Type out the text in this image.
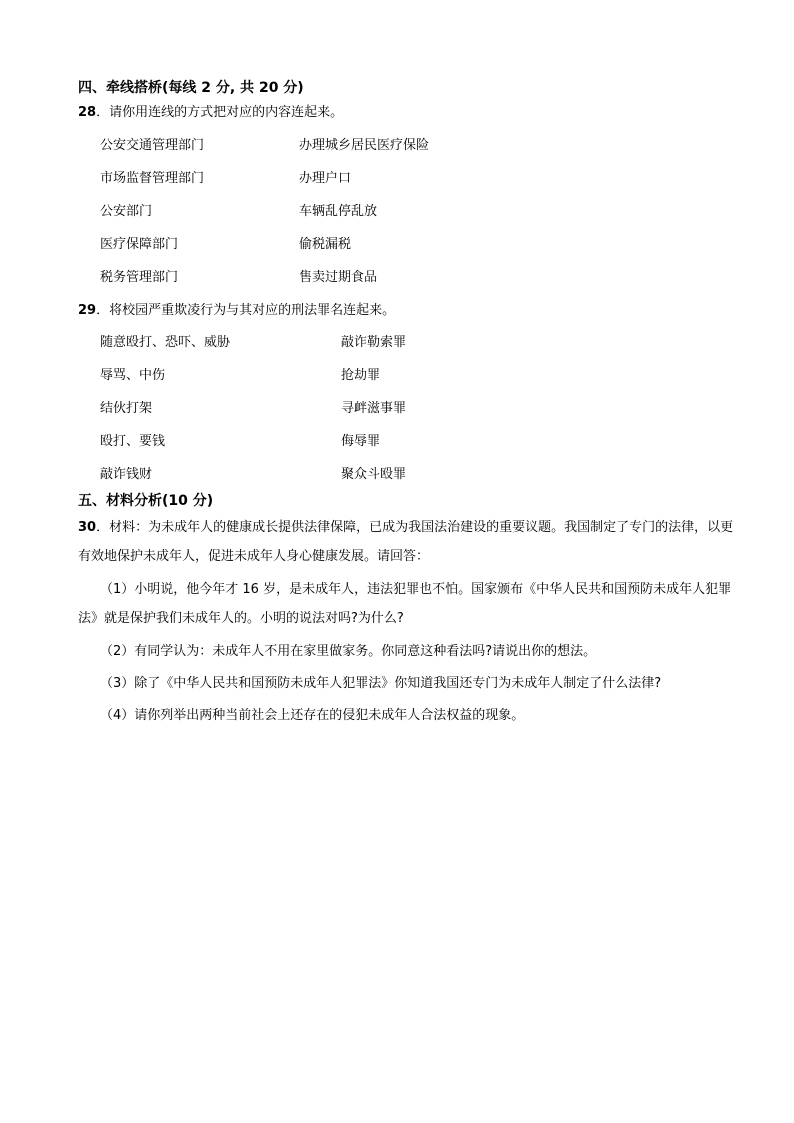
四、牵线搭桥(每线 2 分, 共 20 分)
28．请你用连线的方式把对应的内容连起来。
公安交通管理部门	办理城乡居民医疗保险
市场监督管理部门	办理户口
公安部门	车辆乱停乱放
医疗保障部门	偷税漏税
税务管理部门	售卖过期食品
29．将校园严重欺凌行为与其对应的刑法罪名连起来。
随意殴打、恐吓、威胁	敲诈勒索罪
辱骂、中伤	抢劫罪
结伙打架	寻衅滋事罪
殴打、要钱	侮辱罪
敲诈钱财	聚众斗殴罪
五、材料分析(10 分)
30．材料：为未成年人的健康成长提供法律保障，已成为我国法治建设的重要议题。我国制定了专门的法律，以更有效地保护未成年人，促进未成年人身心健康发展。请回答：
（1）小明说，他今年才 16 岁，是未成年人，违法犯罪也不怕。国家颁布《中华人民共和国预防未成年人犯罪法》就是保护我们未成年人的。小明的说法对吗?为什么?
（2）有同学认为：未成年人不用在家里做家务。你同意这种看法吗?请说出你的想法。
（3）除了《中华人民共和国预防未成年人犯罪法》你知道我国还专门为未成年人制定了什么法律?
（4）请你列举出两种当前社会上还存在的侵犯未成年人合法权益的现象。
